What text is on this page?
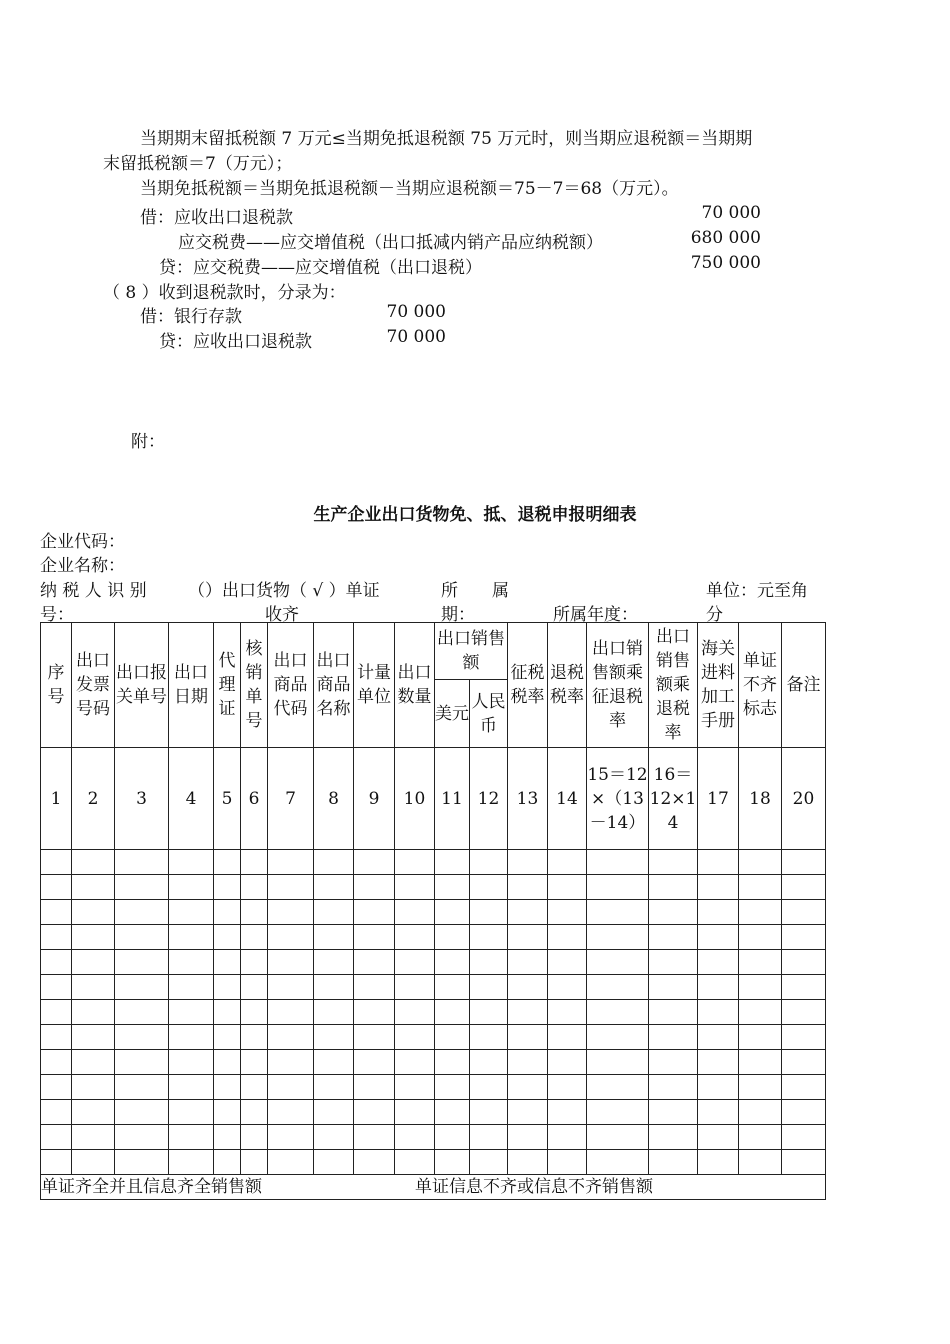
当期期末留抵税额 7 万元≤当期免抵退税额 75 万元时，则当期应退税额＝当期期
末留抵税额＝7（万元）；
当期免抵税额＝当期免抵退税额－当期应退税额＝75－7＝68（万元）。
借：应收出口退税款	70 000
应交税费——应交增值税（出口抵减内销产品应纳税额）	680 000
贷：应交税费——应交增值税（出口退税）	750 000
（ 8 ）收到退税款时，分录为：
借：银行存款	70 000
贷：应收出口退税款	70 000
附：
生产企业出口货物免、抵、退税申报明细表
企业代码：
企业名称：
纳 税 人 识 别
号：
（）出口货物（ √ ）单证
收齐
所　　属
期：	所属年度：
单位：元至角
分
序号	出口发票号码	出口报关单号	出口日期	代理证	核销单号	出口商品代码	出口商品名称	计量单位	出口数量	出口销售额		征税税率	退税税率	出口销售额乘征退税率	出口销售额乘退税率	海关进料加工手册	单证不齐标志	备注
										美元	人民币							
1	2	3	4	5	6	7	8	9	10	11	12	13	14	15＝12×（13－14）	16＝12×14	17	18	20

单证齐全并且信息齐全销售额 单证信息不齐或信息不齐销售额																		
